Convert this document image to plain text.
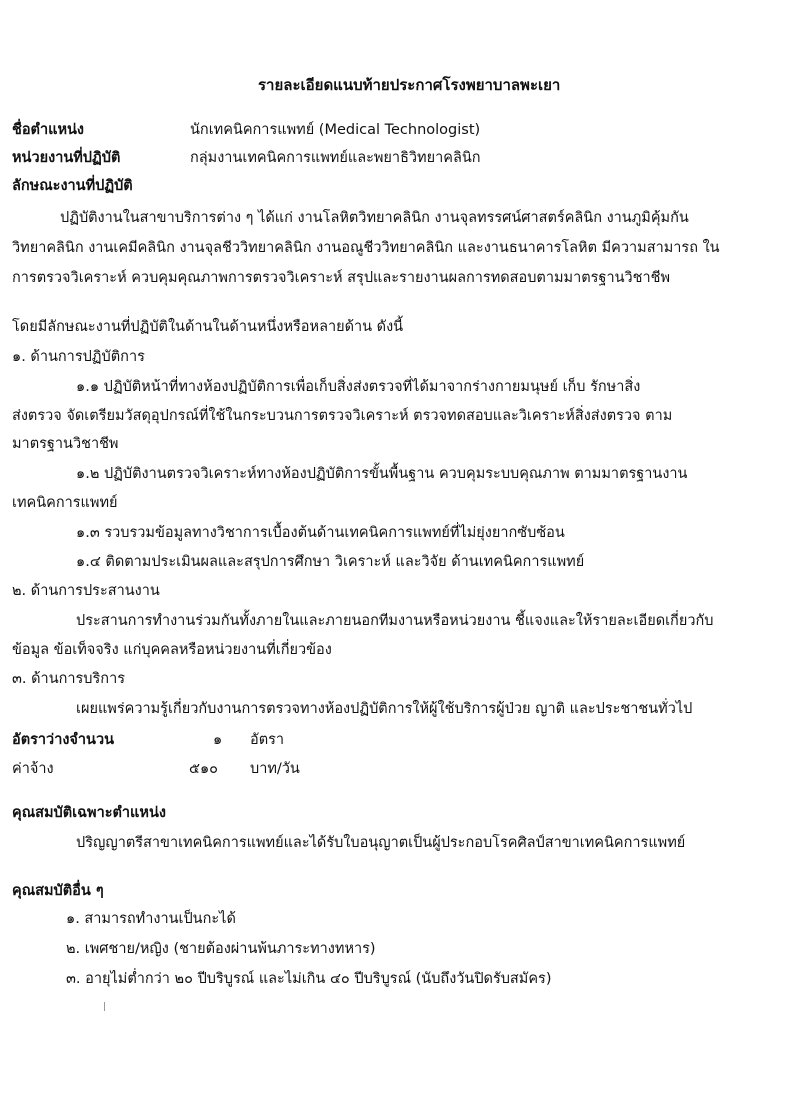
รายละเอียดแนบท้ายประกาศโรงพยาบาลพะเยา
ชื่อตำแหน่ง	นักเทคนิคการแพทย์ (Medical Technologist)
หน่วยงานที่ปฏิบัติ	กลุ่มงานเทคนิคการแพทย์และพยาธิวิทยาคลินิก
ลักษณะงานที่ปฏิบัติ
ปฏิบัติงานในสาขาบริการต่าง ๆ ได้แก่ งานโลหิตวิทยาคลินิก งานจุลทรรศน์ศาสตร์คลินิก งานภูมิคุ้มกัน
วิทยาคลินิก งานเคมีคลินิก งานจุลชีววิทยาคลินิก งานอณูชีววิทยาคลินิก และงานธนาคารโลหิต มีความสามารถ ใน
การตรวจวิเคราะห์ ควบคุมคุณภาพการตรวจวิเคราะห์ สรุปและรายงานผลการทดสอบตามมาตรฐานวิชาชีพ
โดยมีลักษณะงานที่ปฏิบัติในด้านในด้านหนึ่งหรือหลายด้าน ดังนี้
๑. ด้านการปฏิบัติการ
๑.๑ ปฏิบัติหน้าที่ทางห้องปฏิบัติการเพื่อเก็บสิ่งส่งตรวจที่ได้มาจากร่างกายมนุษย์ เก็บ รักษาสิ่ง
ส่งตรวจ จัดเตรียมวัสดุอุปกรณ์ที่ใช้ในกระบวนการตรวจวิเคราะห์ ตรวจทดสอบและวิเคราะห์สิ่งส่งตรวจ ตาม
มาตรฐานวิชาชีพ
๑.๒ ปฏิบัติงานตรวจวิเคราะห์ทางห้องปฏิบัติการขั้นพื้นฐาน ควบคุมระบบคุณภาพ ตามมาตรฐานงาน
เทคนิคการแพทย์
๑.๓ รวบรวมข้อมูลทางวิชาการเบื้องต้นด้านเทคนิคการแพทย์ที่ไม่ยุ่งยากซับซ้อน
๑.๔ ติดตามประเมินผลและสรุปการศึกษา วิเคราะห์ และวิจัย ด้านเทคนิคการแพทย์
๒. ด้านการประสานงาน
ประสานการทำงานร่วมกันทั้งภายในและภายนอกทีมงานหรือหน่วยงาน ชี้แจงและให้รายละเอียดเกี่ยวกับ
ข้อมูล ข้อเท็จจริง แก่บุคคลหรือหน่วยงานที่เกี่ยวข้อง
๓. ด้านการบริการ
เผยแพร่ความรู้เกี่ยวกับงานการตรวจทางห้องปฏิบัติการให้ผู้ใช้บริการผู้ป่วย ญาติ และประชาชนทั่วไป
อัตราว่างจำนวน	๑ อัตรา
ค่าจ้าง	๕๑๐ บาท/วัน
คุณสมบัติเฉพาะตำแหน่ง
ปริญญาตรีสาขาเทคนิคการแพทย์และได้รับใบอนุญาตเป็นผู้ประกอบโรคศิลป์สาขาเทคนิคการแพทย์
คุณสมบัติอื่น ๆ
๑. สามารถทำงานเป็นกะได้
๒. เพศชาย/หญิง (ชายต้องผ่านพ้นภาระทางทหาร)
๓. อายุไม่ต่ำกว่า ๒๐ ปีบริบูรณ์ และไม่เกิน ๔๐ ปีบริบูรณ์ (นับถึงวันปิดรับสมัคร)
